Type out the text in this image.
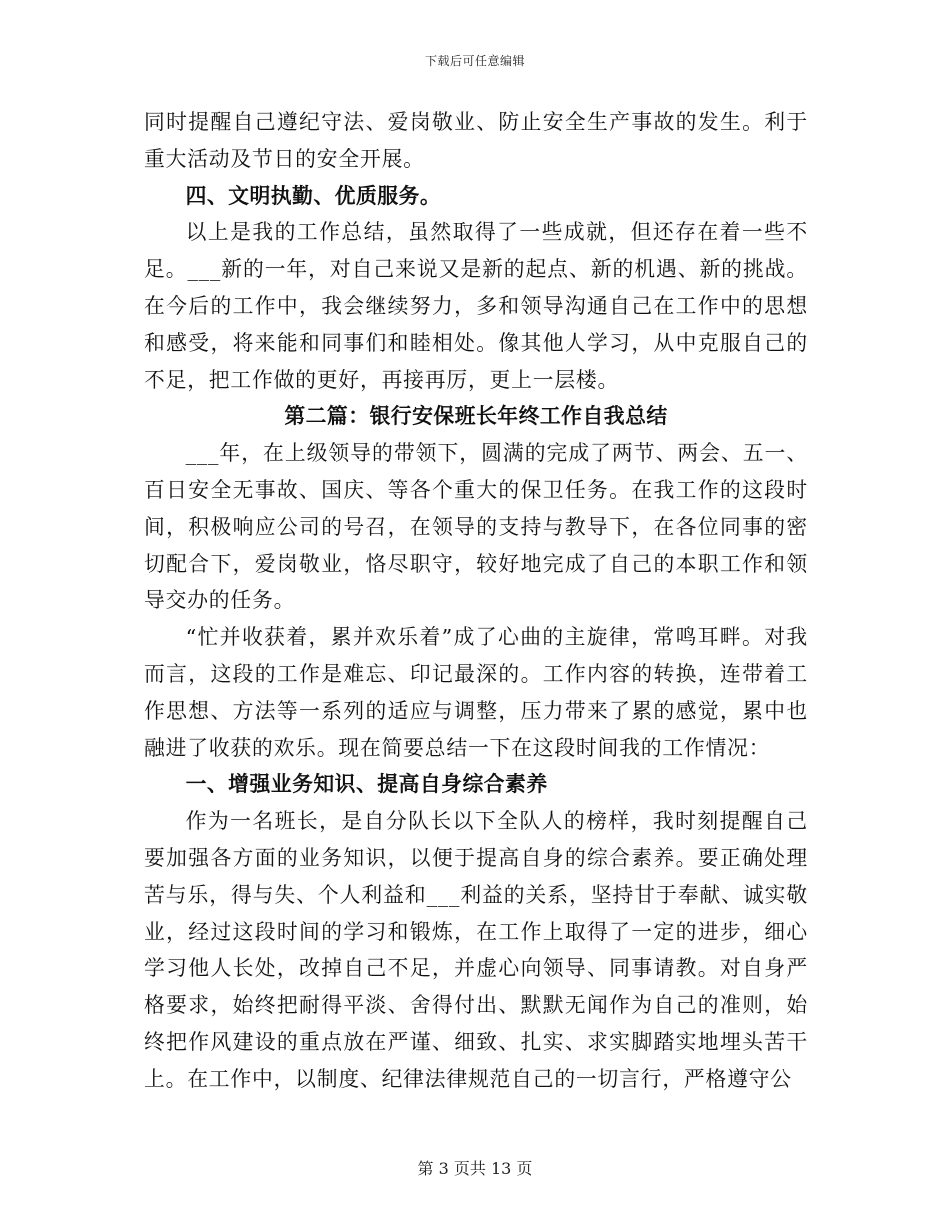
下载后可任意编辑

同时提醒自己遵纪守法、爱岗敬业、防止安全生产事故的发生。利于重大活动及节日的安全开展。

四、文明执勤、优质服务。

以上是我的工作总结，虽然取得了一些成就，但还存在着一些不足。___新的一年，对自己来说又是新的起点、新的机遇、新的挑战。在今后的工作中，我会继续努力，多和领导沟通自己在工作中的思想和感受，将来能和同事们和睦相处。像其他人学习，从中克服自己的不足，把工作做的更好，再接再厉，更上一层楼。

第二篇：银行安保班长年终工作自我总结

___年，在上级领导的带领下，圆满的完成了两节、两会、五一、百日安全无事故、国庆、等各个重大的保卫任务。在我工作的这段时间，积极响应公司的号召，在领导的支持与教导下，在各位同事的密切配合下，爱岗敬业，恪尽职守，较好地完成了自己的本职工作和领导交办的任务。

“忙并收获着，累并欢乐着”成了心曲的主旋律，常鸣耳畔。对我而言，这段的工作是难忘、印记最深的。工作内容的转换，连带着工作思想、方法等一系列的适应与调整，压力带来了累的感觉，累中也融进了收获的欢乐。现在简要总结一下在这段时间我的工作情况：

一、增强业务知识、提高自身综合素养

作为一名班长，是自分队长以下全队人的榜样，我时刻提醒自己要加强各方面的业务知识，以便于提高自身的综合素养。要正确处理苦与乐，得与失、个人利益和___利益的关系，坚持甘于奉献、诚实敬业，经过这段时间的学习和锻炼，在工作上取得了一定的进步，细心学习他人长处，改掉自己不足，并虚心向领导、同事请教。对自身严格要求，始终把耐得平淡、舍得付出、默默无闻作为自己的准则，始终把作风建设的重点放在严谨、细致、扎实、求实脚踏实地埋头苦干上。在工作中，以制度、纪律法律规范自己的一切言行，严格遵守公

第 3 页共 13 页
